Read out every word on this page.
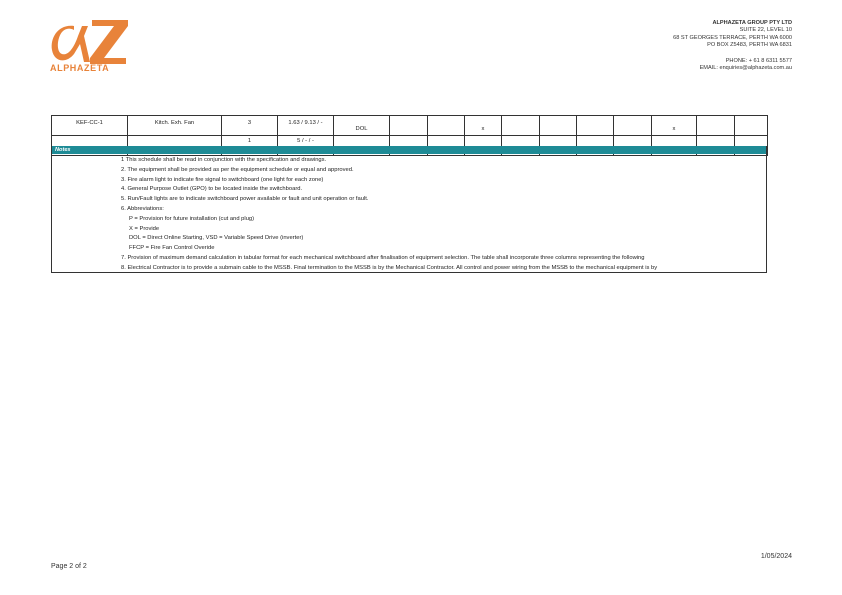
ALPHAZETA
ALPHAZETA GROUP PTY LTD
SUITE 22, LEVEL 10
68 ST GEORGES TERRACE, PERTH WA 6000
PO BOX Z5483, PERTH WA 6831
PHONE: + 61 8 6311 5577
EMAIL: enquiries@alphazeta.com.au
KEF-CC-1	Kitch. Exh. Fan	3	1.63 / 9.13 / -	DOL			x					x		
		1	5 / - / -											
Notes
1 This schedule shall be read in conjunction with the specification and drawings.
2. The equipment shall be provided as per the equipment schedule or equal and approved.
3. Fire alarm light to indicate fire signal to switchboard (one light for each zone)
4. General Purpose Outlet (GPO) to be located inside the switchboard.
5. Run/Fault lights are to indicate switchboard power available or fault and unit operation or fault.
6. Abbreviations:
P = Provision for future installation (cut and plug)
X = Provide
DOL = Direct Online Starting, VSD = Variable Speed Drive (inverter)
FFCP = Fire Fan Control Overide
7. Provision of maximum demand calculation in tabular format for each mechanical switchboard after finalisation of equipment selection. The table shall incorporate three columns representing the following
8. Electrical Contractor is to provide a submain cable to the MSSB. Final termination to the MSSB is by the Mechanical Contractor. All control and power wiring from the MSSB to the mechanical equipment is by
Page 2 of 2
1/05/2024
